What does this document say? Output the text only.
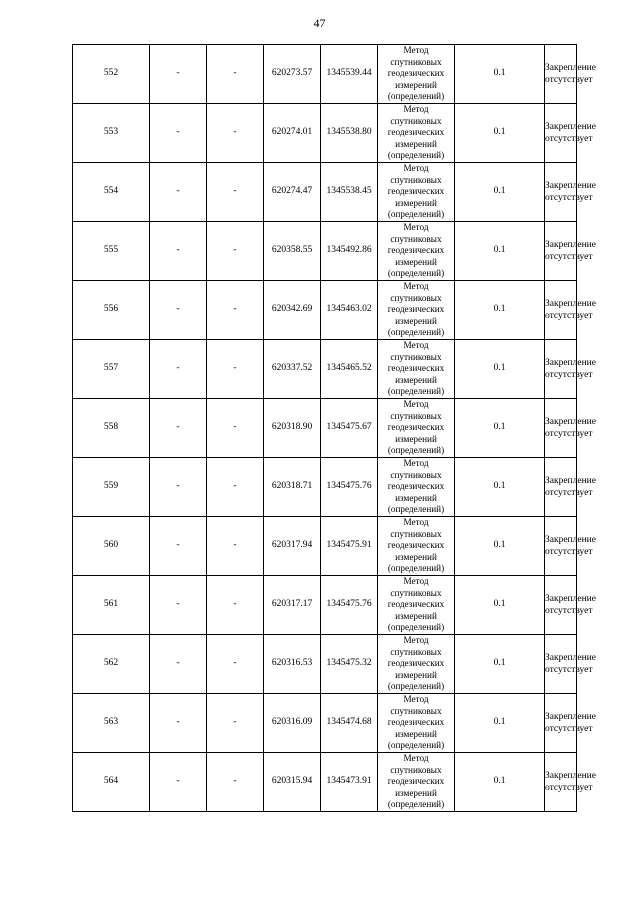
47
552	-	-	620273.57	1345539.44	Метод спутниковых геодезических измерений (определений)	0.1	Закрепление отсутствует
553	-	-	620274.01	1345538.80	Метод спутниковых геодезических измерений (определений)	0.1	Закрепление отсутствует
554	-	-	620274.47	1345538.45	Метод спутниковых геодезических измерений (определений)	0.1	Закрепление отсутствует
555	-	-	620358.55	1345492.86	Метод спутниковых геодезических измерений (определений)	0.1	Закрепление отсутствует
556	-	-	620342.69	1345463.02	Метод спутниковых геодезических измерений (определений)	0.1	Закрепление отсутствует
557	-	-	620337.52	1345465.52	Метод спутниковых геодезических измерений (определений)	0.1	Закрепление отсутствует
558	-	-	620318.90	1345475.67	Метод спутниковых геодезических измерений (определений)	0.1	Закрепление отсутствует
559	-	-	620318.71	1345475.76	Метод спутниковых геодезических измерений (определений)	0.1	Закрепление отсутствует
560	-	-	620317.94	1345475.91	Метод спутниковых геодезических измерений (определений)	0.1	Закрепление отсутствует
561	-	-	620317.17	1345475.76	Метод спутниковых геодезических измерений (определений)	0.1	Закрепление отсутствует
562	-	-	620316.53	1345475.32	Метод спутниковых геодезических измерений (определений)	0.1	Закрепление отсутствует
563	-	-	620316.09	1345474.68	Метод спутниковых геодезических измерений (определений)	0.1	Закрепление отсутствует
564	-	-	620315.94	1345473.91	Метод спутниковых геодезических измерений (определений)	0.1	Закрепление отсутствует
